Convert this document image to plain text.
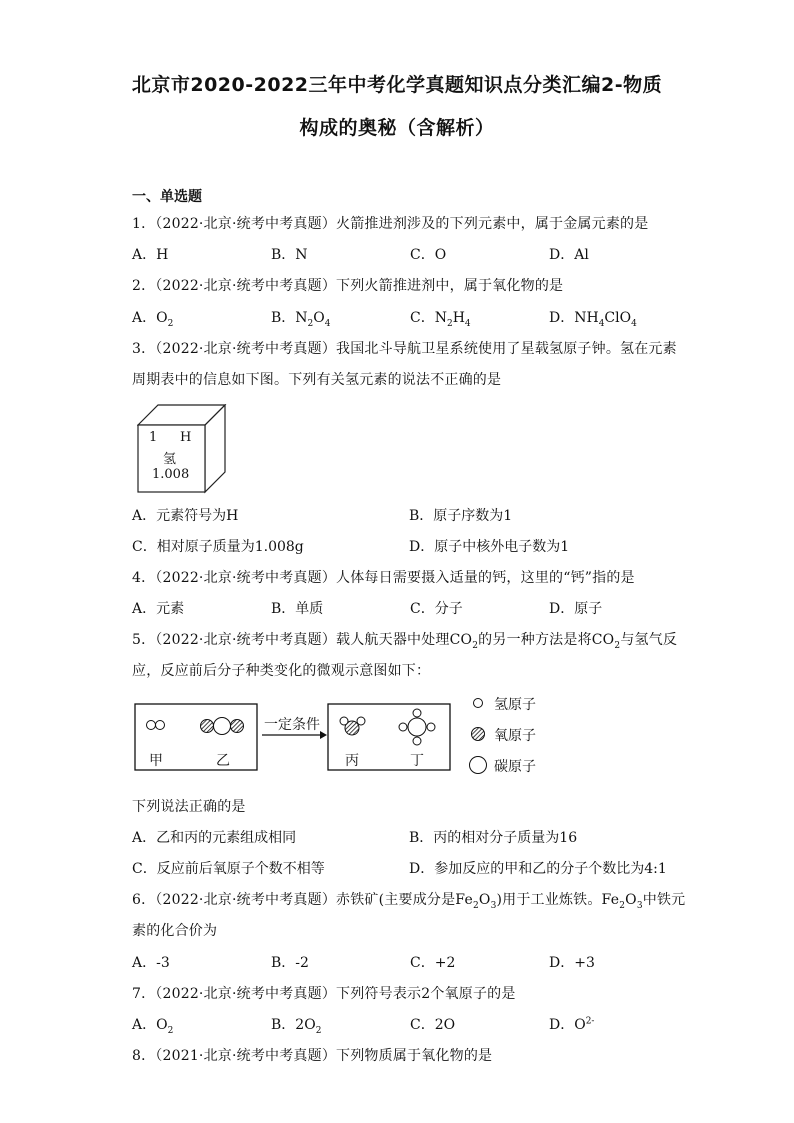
北京市2020-2022三年中考化学真题知识点分类汇编2-物质
构成的奥秘（含解析）
一、单选题
1．（2022·北京·统考中考真题）火箭推进剂涉及的下列元素中，属于金属元素的是
A．H	B．N	C．O	D．Al
2．（2022·北京·统考中考真题）下列火箭推进剂中，属于氧化物的是
A．$O_2$	B．$N_2O_4$	C．$N_2H_4$	D．$NH_4ClO_4$
3．（2022·北京·统考中考真题）我国北斗导航卫星系统使用了星载氢原子钟。氢在元素
周期表中的信息如下图。下列有关氢元素的说法不正确的是
1 H
氢
1.008
A．元素符号为H	B．原子序数为1
C．相对原子质量为1.008g	D．原子中核外电子数为1
4．（2022·北京·统考中考真题）人体每日需要摄入适量的钙，这里的“钙”指的是
A．元素	B．单质	C．分子	D．原子
5．（2022·北京·统考中考真题）载人航天器中处理$CO_2$的另一种方法是将$CO_2$与氢气反
应，反应前后分子种类变化的微观示意图如下：
一定条件
甲	乙	丙	丁
氢原子
氧原子
碳原子
下列说法正确的是
A．乙和丙的元素组成相同	B．丙的相对分子质量为16
C．反应前后氧原子个数不相等	D．参加反应的甲和乙的分子个数比为4:1
6．（2022·北京·统考中考真题）赤铁矿(主要成分是$Fe_2O_3$)用于工业炼铁。$Fe_2O_3$中铁元
素的化合价为
A．-3	B．-2	C．+2	D．+3
7．（2022·北京·统考中考真题）下列符号表示2个氧原子的是
A．$O_2$	B．$2O_2$	C．2O	D．$O^{2-}$
8．（2021·北京·统考中考真题）下列物质属于氧化物的是
